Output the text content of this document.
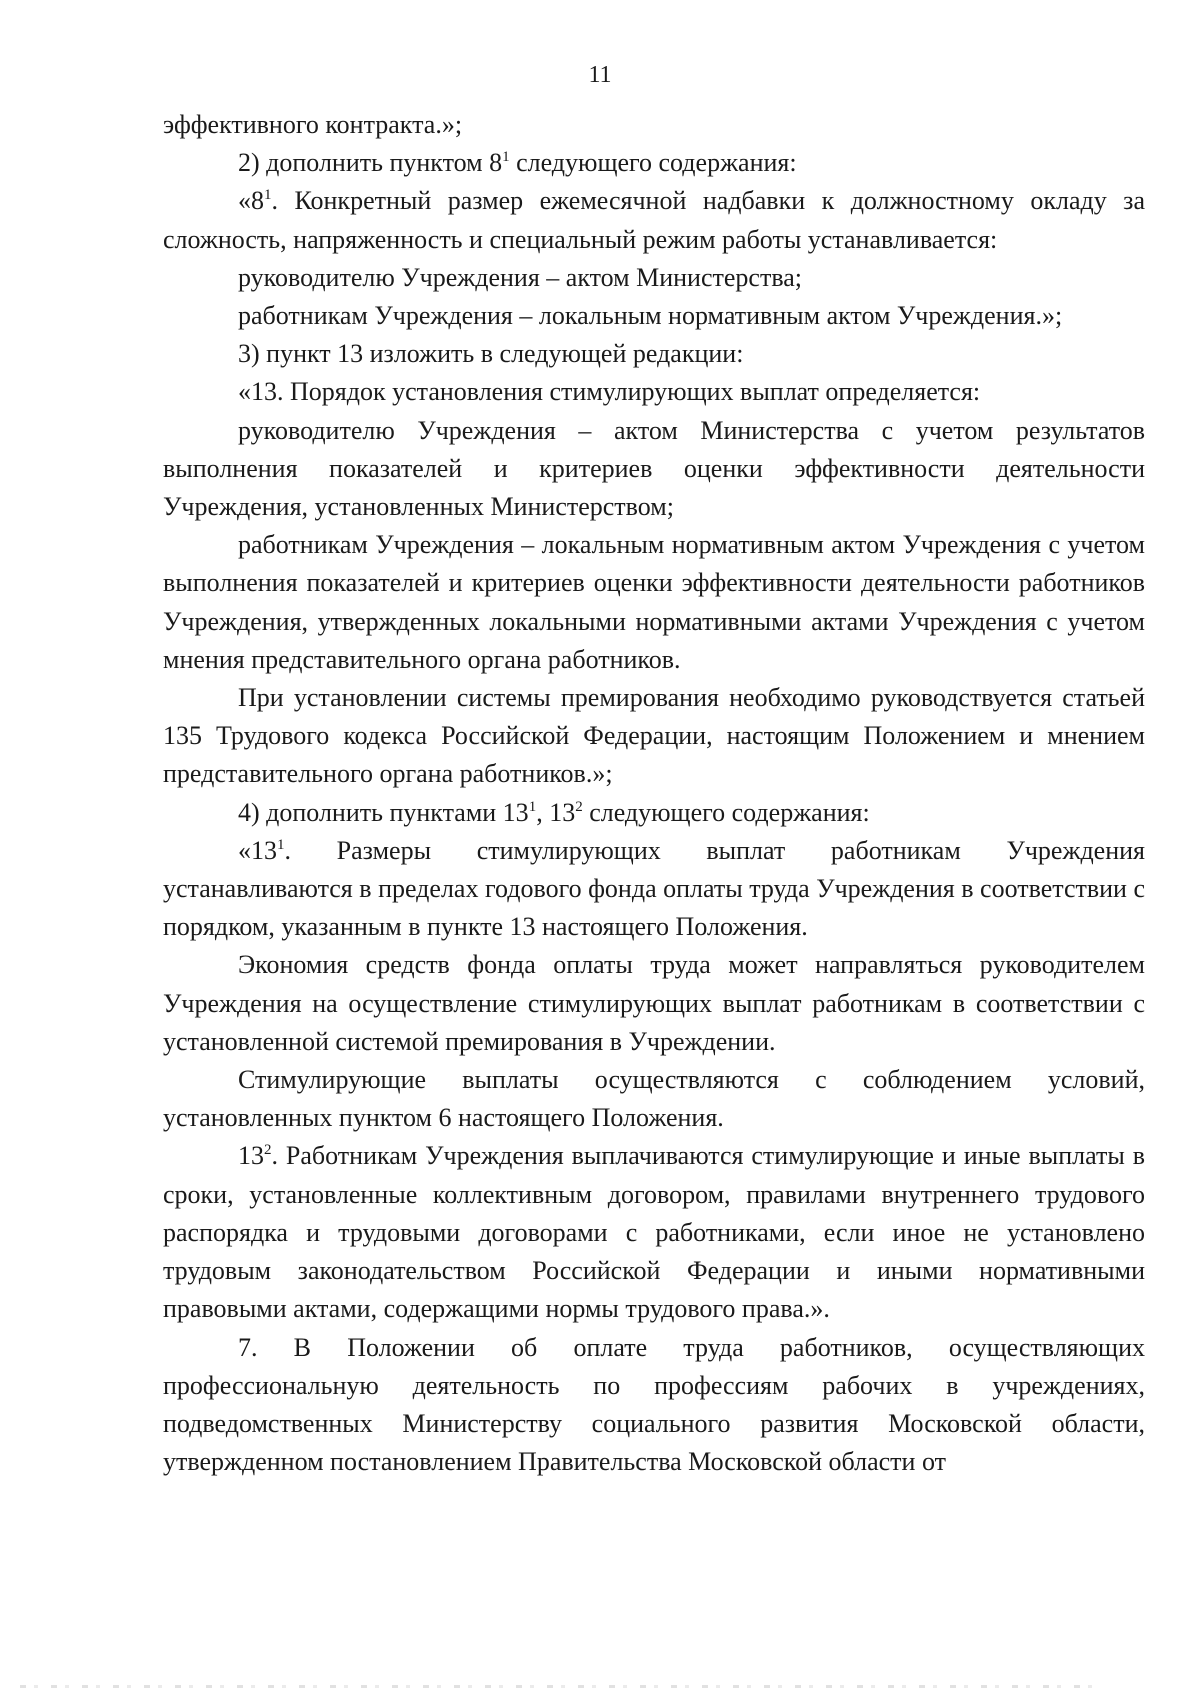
11

эффективного контракта.»;

2) дополнить пунктом $8^1$ следующего содержания:

«$8^1$. Конкретный размер ежемесячной надбавки к должностному окладу за сложность, напряженность и специальный режим работы устанавливается:

руководителю Учреждения – актом Министерства;

работникам Учреждения – локальным нормативным актом Учреждения.»;

3) пункт 13 изложить в следующей редакции:

«13. Порядок установления стимулирующих выплат определяется:

руководителю Учреждения – актом Министерства с учетом результатов выполнения показателей и критериев оценки эффективности деятельности Учреждения, установленных Министерством;

работникам Учреждения – локальным нормативным актом Учреждения с учетом выполнения показателей и критериев оценки эффективности деятельности работников Учреждения, утвержденных локальными нормативными актами Учреждения с учетом мнения представительного органа работников.

При установлении системы премирования необходимо руководствуется статьей 135 Трудового кодекса Российской Федерации, настоящим Положением и мнением представительного органа работников.»;

4) дополнить пунктами $13^1$, $13^2$ следующего содержания:

«$13^1$. Размеры стимулирующих выплат работникам Учреждения устанавливаются в пределах годового фонда оплаты труда Учреждения в соответствии с порядком, указанным в пункте 13 настоящего Положения.

Экономия средств фонда оплаты труда может направляться руководителем Учреждения на осуществление стимулирующих выплат работникам в соответствии с установленной системой премирования в Учреждении.

Стимулирующие выплаты осуществляются с соблюдением условий, установленных пунктом 6 настоящего Положения.

$13^2$. Работникам Учреждения выплачиваются стимулирующие и иные выплаты в сроки, установленные коллективным договором, правилами внутреннего трудового распорядка и трудовыми договорами с работниками, если иное не установлено трудовым законодательством Российской Федерации и иными нормативными правовыми актами, содержащими нормы трудового права.».

7. В Положении об оплате труда работников, осуществляющих профессиональную деятельность по профессиям рабочих в учреждениях, подведомственных Министерству социального развития Московской области, утвержденном постановлением Правительства Московской области от
